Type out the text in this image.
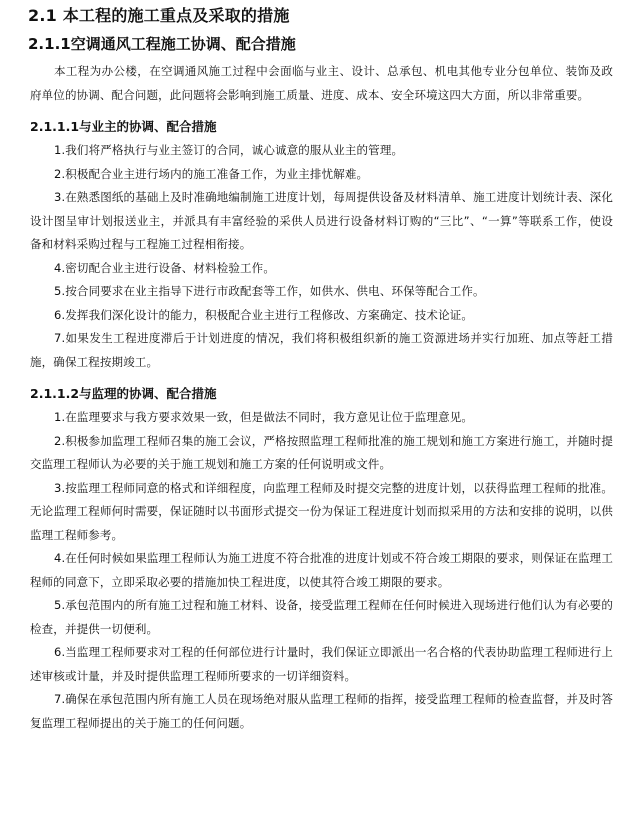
2.1 本工程的施工重点及采取的措施
2.1.1空调通风工程施工协调、配合措施

本工程为办公楼，在空调通风施工过程中会面临与业主、设计、总承包、机电其他专业分包单位、装饰及政府单位的协调、配合问题，此问题将会影响到施工质量、进度、成本、安全环境这四大方面，所以非常重要。

2.1.1.1与业主的协调、配合措施

1.我们将严格执行与业主签订的合同，诚心诚意的服从业主的管理。

2.积极配合业主进行场内的施工准备工作，为业主排忧解难。

3.在熟悉图纸的基础上及时准确地编制施工进度计划，每周提供设备及材料清单、施工进度计划统计表、深化设计图呈审计划报送业主，并派具有丰富经验的采供人员进行设备材料订购的“三比”、“一算”等联系工作，使设备和材料采购过程与工程施工过程相衔接。

4.密切配合业主进行设备、材料检验工作。

5.按合同要求在业主指导下进行市政配套等工作，如供水、供电、环保等配合工作。

6.发挥我们深化设计的能力，积极配合业主进行工程修改、方案确定、技术论证。

7.如果发生工程进度滞后于计划进度的情况，我们将积极组织新的施工资源进场并实行加班、加点等赶工措施，确保工程按期竣工。

2.1.1.2与监理的协调、配合措施

1.在监理要求与我方要求效果一致，但是做法不同时，我方意见让位于监理意见。

2.积极参加监理工程师召集的施工会议，严格按照监理工程师批准的施工规划和施工方案进行施工，并随时提交监理工程师认为必要的关于施工规划和施工方案的任何说明或文件。

3.按监理工程师同意的格式和详细程度，向监理工程师及时提交完整的进度计划，以获得监理工程师的批准。无论监理工程师何时需要，保证随时以书面形式提交一份为保证工程进度计划而拟采用的方法和安排的说明，以供监理工程师参考。

4.在任何时候如果监理工程师认为施工进度不符合批准的进度计划或不符合竣工期限的要求，则保证在监理工程师的同意下，立即采取必要的措施加快工程进度，以使其符合竣工期限的要求。

5.承包范围内的所有施工过程和施工材料、设备，接受监理工程师在任何时候进入现场进行他们认为有必要的检查，并提供一切便利。

6.当监理工程师要求对工程的任何部位进行计量时，我们保证立即派出一名合格的代表协助监理工程师进行上述审核或计量，并及时提供监理工程师所要求的一切详细资料。

7.确保在承包范围内所有施工人员在现场绝对服从监理工程师的指挥，接受监理工程师的检查监督，并及时答复监理工程师提出的关于施工的任何问题。
